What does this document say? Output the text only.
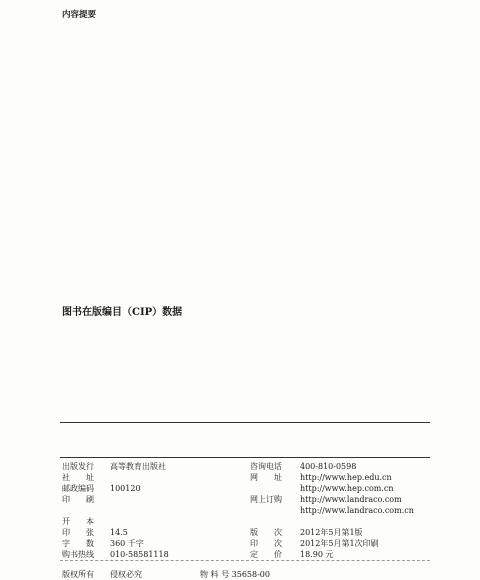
内容提要

图书在版编目（CIP）数据

出版发行 高等教育出版社
社　　址
邮政编码 100120
印　　刷
开　　本
印　　张 14.5
字　　数 360 千字
购书热线 010-58581118
咨询电话 400-810-0598
网　　址 http://www.hep.edu.cn
http://www.hep.com.cn
网上订购 http://www.landraco.com
http://www.landraco.com.cn
版　　次 2012年5月第1版
印　　次 2012年5月第1次印刷
定　　价 18.90 元
版权所有 侵权必究	物 料 号 35658-00
